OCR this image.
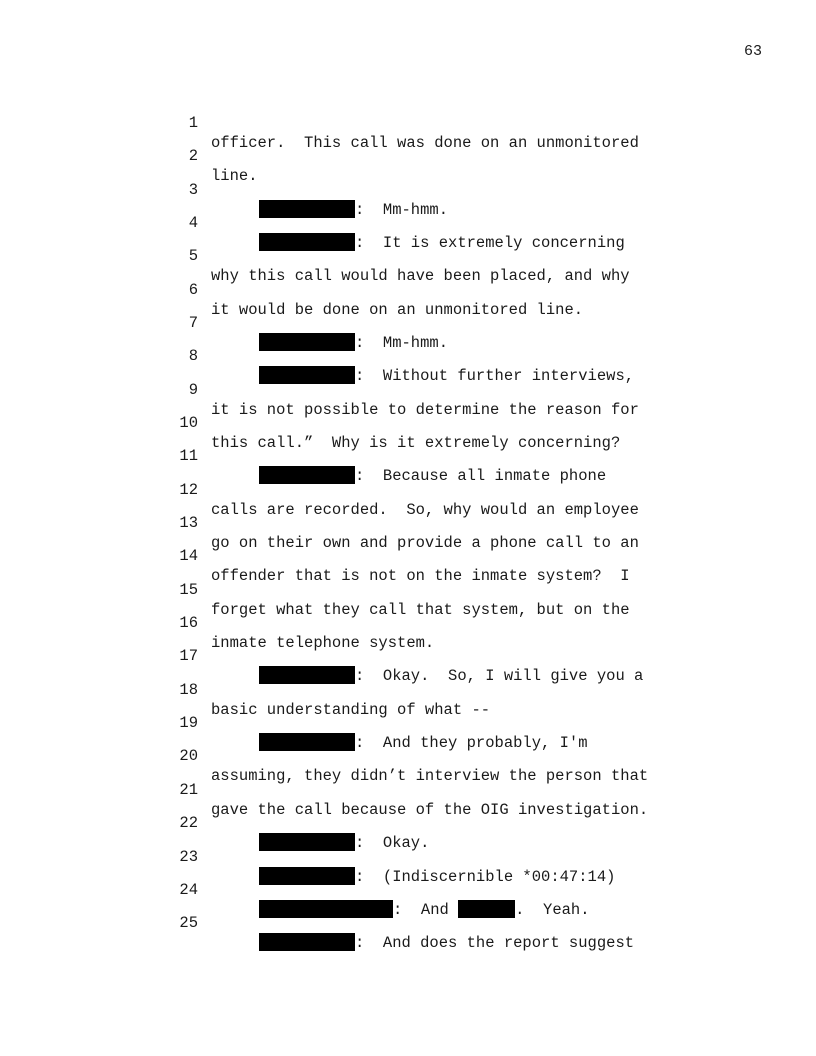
63

1

officer.  This call was done on an unmonitored

2

line.

3

:  Mm-hmm.

4

:  It is extremely concerning

5

why this call would have been placed, and why

6

it would be done on an unmonitored line.

7

:  Mm-hmm.

8

:  Without further interviews,

9

it is not possible to determine the reason for

10

this call.”  Why is it extremely concerning?

11

:  Because all inmate phone

12

calls are recorded.  So, why would an employee

13

go on their own and provide a phone call to an

14

offender that is not on the inmate system?  I

15

forget what they call that system, but on the

16

inmate telephone system.

17

:  Okay.  So, I will give you a

18

basic understanding of what --

19

:  And they probably, I'm

20

assuming, they didn’t interview the person that

21

gave the call because of the OIG investigation.

22

:  Okay.

23

:  (Indiscernible *00:47:14)

24

:  And	.  Yeah.

25

:  And does the report suggest
